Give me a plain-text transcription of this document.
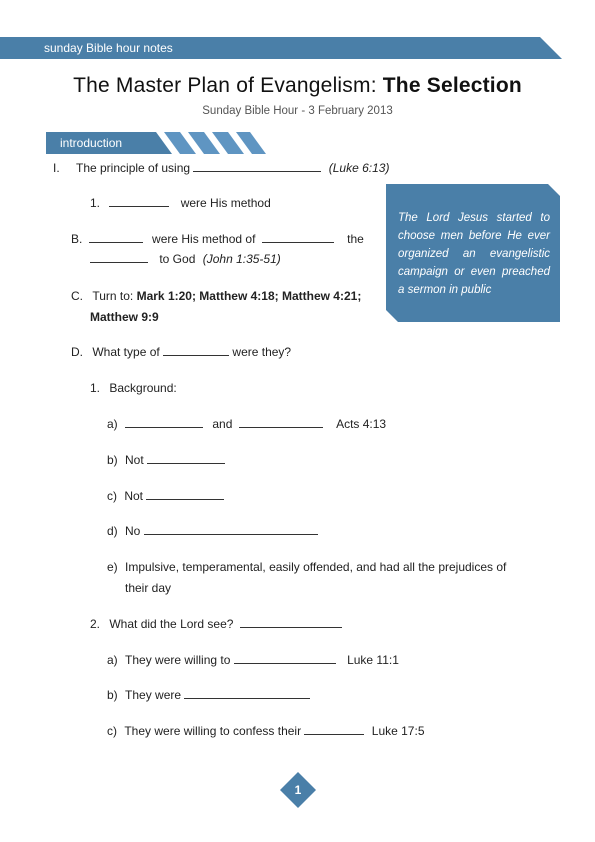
sunday Bible hour notes
The Master Plan of Evangelism: The Selection
Sunday Bible Hour - 3 February 2013
introduction
I. The principle of using	(Luke 6:13)
1.	were His method
B.	were His method of	the
to God (John 1:35-51)
C. Turn to: Mark 1:20; Matthew 4:18; Matthew 4:21;
Matthew 9:9
D. What type of	were they?
1. Background:
a)	and	Acts 4:13
b) Not
c) Not
d) No
e) Impulsive, temperamental, easily offended, and had all the prejudices of
their day
2. What did the Lord see?
a) They were willing to	Luke 11:1
b) They were
c) They were willing to confess their	Luke 17:5
The Lord Jesus started to choose men before He ever organized an evangelistic campaign or even preached a sermon in public
1
